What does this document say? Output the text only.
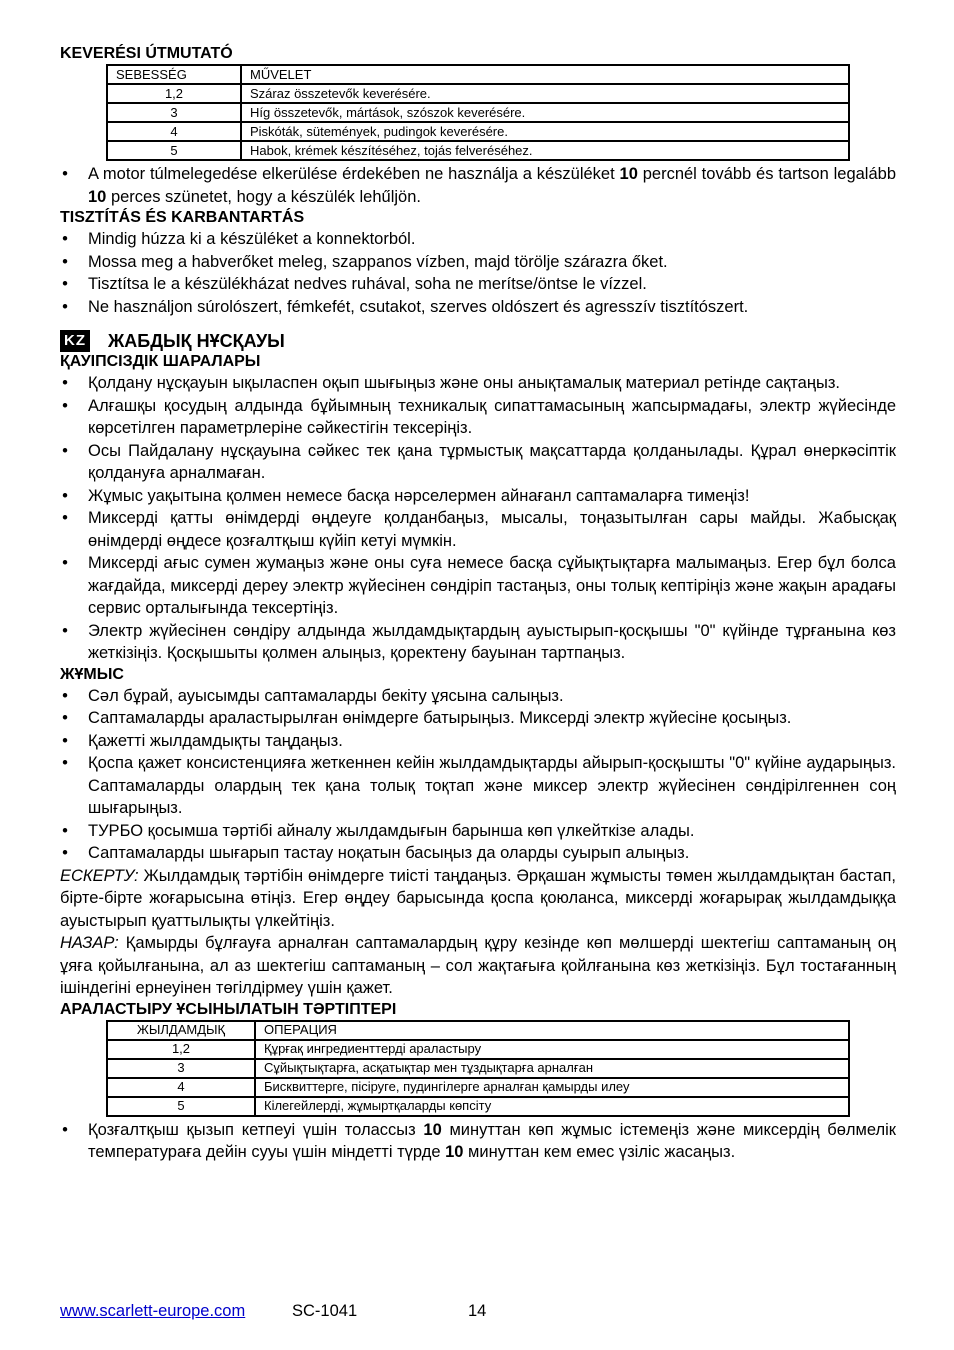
KEVERÉSI ÚTMUTATÓ

SEBESSÉG	MŰVELET
1,2	Száraz összetevők keverésére.
3	Híg összetevők, mártások, szószok keverésére.
4	Piskóták, sütemények, pudingok keverésére.
5	Habok, krémek készítéséhez, tojás felveréséhez.
• A motor túlmelegedése elkerülése érdekében ne használja a készüléket 10 percnél tovább és tartson legalább 10 perces szünetet, hogy a készülék lehűljön.

TISZTÍTÁS ÉS KARBANTARTÁS

• Mindig húzza ki a készüléket a konnektorból.
• Mossa meg a habverőket meleg, szappanos vízben, majd törölje szárazra őket.
• Tisztítsa le a készülékházat nedves ruhával, soha ne merítse/öntse le vízzel.
• Ne használjon súrolószert, fémkefét, csutakot, szerves oldószert és agresszív tisztítószert.
KZ ЖАБДЫҚ НҰСҚАУЫ

ҚАУІПСІЗДІК ШАРАЛАРЫ

• Қолдану нұсқауын ықыласпен оқып шығыңыз және оны анықтамалық материал ретінде сақтаңыз.
• Алғашқы қосудың алдында бұйымның техникалық сипаттамасының жапсырмадағы, электр жүйесінде көрсетілген параметрлеріне сәйкестігін тексеріңіз.
• Осы Пайдалану нұсқауына сәйкес тек қана тұрмыстық мақсаттарда қолданылады. Құрал өнеркәсіптік қолдануға арналмаған.
• Жұмыс уақытына қолмен немесе басқа нәрселермен айнағанл саптамаларға тимеңіз!
• Миксерді қатты өнімдерді өңдеуге қолданбаңыз, мысалы, тоңазытылған сары майды. Жабысқақ өнімдерді өңдесе қозғалтқыш күйіп кетуі мүмкін.
• Миксерді ағыс сумен жумаңыз және оны суға немесе басқа сұйықтықтарға малымаңыз. Егер бұл болса жағдайда, миксерді дереу электр жүйесінен сөндіріп тастаңыз, оны толық кептіріңіз және жақын арадағы сервис орталығында тексертіңіз.
• Электр жүйесінен сөндіру алдында жылдамдықтардың ауыстырып-қосқышы "0" күйінде тұрғанына көз жеткізіңіз. Қосқышыты қолмен алыңыз, қоректену бауынан тартпаңыз.

ЖҰМЫС

• Сәл бұрай, ауысымды саптамаларды бекіту ұясына салыңыз.
• Саптамаларды араластырылған өнімдерге батырыңыз. Миксерді электр жүйесіне қосыңыз.
• Қажетті жылдамдықты таңдаңыз.
• Қоспа қажет консистенцияға жеткеннен кейін жылдамдықтарды айырып-қосқышты "0" күйіне аударыңыз. Саптамаларды олардың тек қана толық тоқтап және миксер электр жүйесінен сөндірілгеннен соң шығарыңыз.
• ТУРБО қосымша тәртібі айналу жылдамдығын барынша көп үлкейткізе алады.
• Саптамаларды шығарып тастау ноқатын басыңыз да оларды суырып алыңыз.

ЕСКЕРТУ: Жылдамдық тәртібін өнімдерге тиісті таңдаңыз. Әрқашан жұмысты төмен жылдамдықтан бастап, бірте-бірте жоғарысына өтіңіз. Егер өңдеу барысында қоспа қоюланса, миксерді жоғарырақ жылдамдыққа ауыстырып қуаттылықты үлкейтіңіз.

НАЗАР: Қамырды бұлғауға арналған саптамалардың құру кезінде көп мөлшерді шектегіш саптаманың оң ұяға қойылғанына, ал аз шектегіш саптаманың – сол жақтағыға қойлғанына көз жеткізіңіз. Бұл тостағанның ішіндегіні ернеуінен төгілдірмеу үшін қажет.

АРАЛАСТЫРУ ҰСЫНЫЛАТЫН ТӘРТІПТЕРІ

ЖЫЛДАМДЫҚ	ОПЕРАЦИЯ
1,2	Құрғақ ингредиенттерді араластыру
3	Сұйықтықтарға, асқатықтар мен тұздықтарға арналған
4	Бисквиттерге, пісіруге, пудингілерге арналған қамырды илеу
5	Кілегейлерді, жұмыртқаларды көпсіту
• Қозғалтқыш қызып кетпеуі үшін толассыз 10 минуттан көп жұмыс істемеңіз және миксердің бөлмелік температураға дейін сууы үшін міндетті түрде 10 минуттан кем емес үзіліс жасаңыз.
www.scarlett-europe.com	SC-1041	14
